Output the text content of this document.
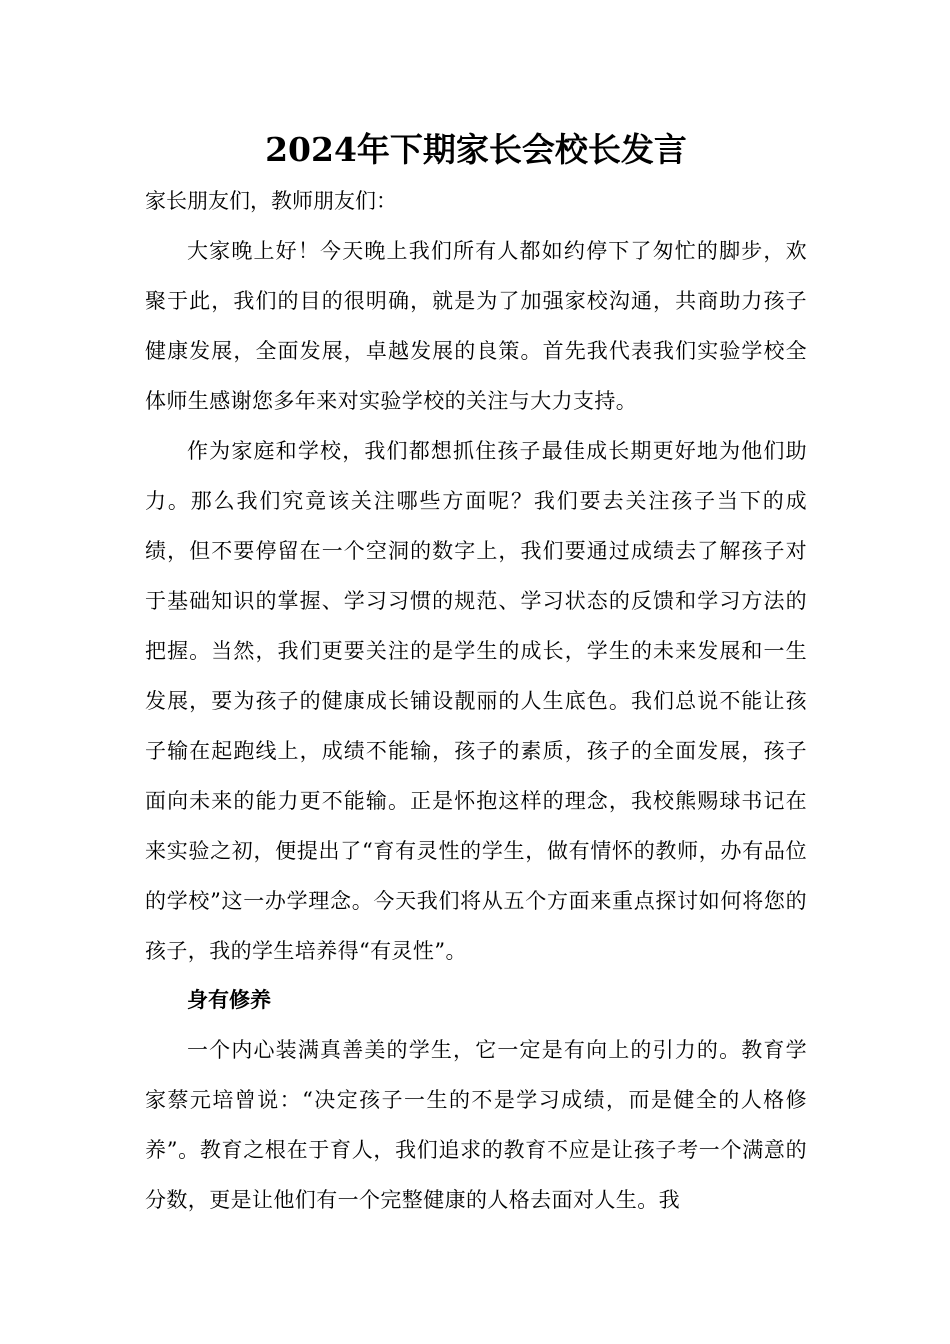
2024年下期家长会校长发言

家长朋友们，教师朋友们：

大家晚上好！今天晚上我们所有人都如约停下了匆忙的脚步，欢聚于此，我们的目的很明确，就是为了加强家校沟通，共商助力孩子健康发展，全面发展，卓越发展的良策。首先我代表我们实验学校全体师生感谢您多年来对实验学校的关注与大力支持。

作为家庭和学校，我们都想抓住孩子最佳成长期更好地为他们助力。那么我们究竟该关注哪些方面呢？我们要去关注孩子当下的成绩，但不要停留在一个空洞的数字上，我们要通过成绩去了解孩子对于基础知识的掌握、学习习惯的规范、学习状态的反馈和学习方法的把握。当然，我们更要关注的是学生的成长，学生的未来发展和一生发展，要为孩子的健康成长铺设靓丽的人生底色。我们总说不能让孩子输在起跑线上，成绩不能输，孩子的素质，孩子的全面发展，孩子面向未来的能力更不能输。正是怀抱这样的理念，我校熊赐球书记在来实验之初，便提出了“育有灵性的学生，做有情怀的教师，办有品位的学校”这一办学理念。今天我们将从五个方面来重点探讨如何将您的孩子，我的学生培养得“有灵性”。

身有修养

一个内心装满真善美的学生，它一定是有向上的引力的。教育学家蔡元培曾说：“决定孩子一生的不是学习成绩，而是健全的人格修养”。教育之根在于育人，我们追求的教育不应是让孩子考一个满意的分数，更是让他们有一个完整健康的人格去面对人生。我
